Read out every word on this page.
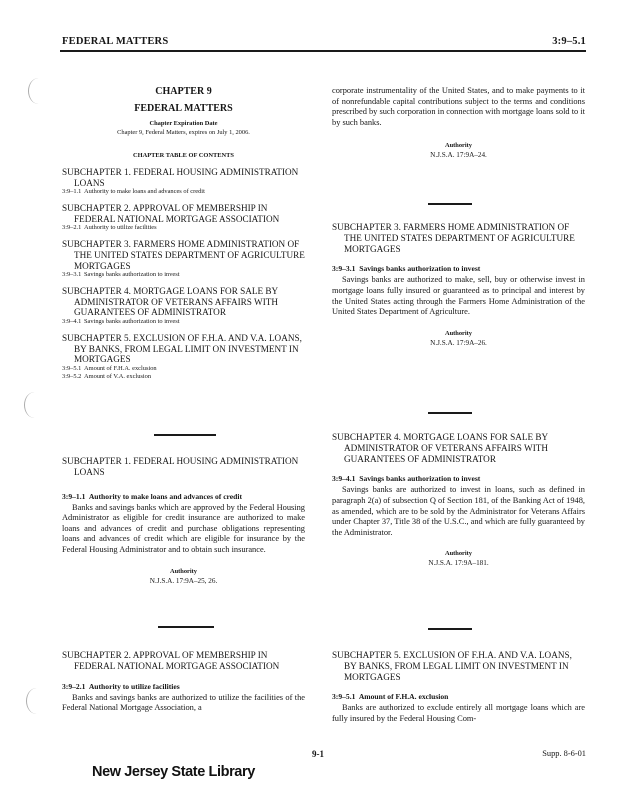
FEDERAL MATTERS	3:9–5.1

CHAPTER 9

FEDERAL MATTERS

Chapter Expiration Date

Chapter 9, Federal Matters, expires on July 1, 2006.

CHAPTER TABLE OF CONTENTS

SUBCHAPTER 1. FEDERAL HOUSING ADMINISTRATION LOANS

3:9–1.1 Authority to make loans and advances of credit

SUBCHAPTER 2. APPROVAL OF MEMBERSHIP IN FEDERAL NATIONAL MORTGAGE ASSOCIATION

3:9–2.1 Authority to utilize facilities

SUBCHAPTER 3. FARMERS HOME ADMINISTRATION OF THE UNITED STATES DEPARTMENT OF AGRICULTURE MORTGAGES

3:9–3.1 Savings banks authorization to invest

SUBCHAPTER 4. MORTGAGE LOANS FOR SALE BY ADMINISTRATOR OF VETERANS AFFAIRS WITH GUARANTEES OF ADMINISTRATOR

3:9–4.1 Savings banks authorization to invest

SUBCHAPTER 5. EXCLUSION OF F.H.A. AND V.A. LOANS, BY BANKS, FROM LEGAL LIMIT ON INVESTMENT IN MORTGAGES

3:9–5.1 Amount of F.H.A. exclusion

3:9–5.2 Amount of V.A. exclusion

SUBCHAPTER 1. FEDERAL HOUSING ADMINISTRATION LOANS

3:9–1.1 Authority to make loans and advances of credit

Banks and savings banks which are approved by the Federal Housing Administrator as eligible for credit insurance are authorized to make loans and advances of credit and purchase obligations representing loans and advances of credit which are eligible for insurance by the Federal Housing Administrator and to obtain such insurance.

Authority

N.J.S.A. 17:9A–25, 26.

SUBCHAPTER 2. APPROVAL OF MEMBERSHIP IN FEDERAL NATIONAL MORTGAGE ASSOCIATION

3:9–2.1 Authority to utilize facilities

Banks and savings banks are authorized to utilize the facilities of the Federal National Mortgage Association, a

corporate instrumentality of the United States, and to make payments to it of nonrefundable capital contributions subject to the terms and conditions prescribed by such corporation in connection with mortgage loans sold to it by such banks.

Authority

N.J.S.A. 17:9A–24.

SUBCHAPTER 3. FARMERS HOME ADMINISTRATION OF THE UNITED STATES DEPARTMENT OF AGRICULTURE MORTGAGES

3:9–3.1 Savings banks authorization to invest

Savings banks are authorized to make, sell, buy or otherwise invest in mortgage loans fully insured or guaranteed as to principal and interest by the United States acting through the Farmers Home Administration of the United States Department of Agriculture.

Authority

N.J.S.A. 17:9A–26.

SUBCHAPTER 4. MORTGAGE LOANS FOR SALE BY ADMINISTRATOR OF VETERANS AFFAIRS WITH GUARANTEES OF ADMINISTRATOR

3:9–4.1 Savings banks authorization to invest

Savings banks are authorized to invest in loans, such as defined in paragraph 2(a) of subsection Q of Section 181, of the Banking Act of 1948, as amended, which are to be sold by the Administrator for Veterans Affairs under Chapter 37, Title 38 of the U.S.C., and which are fully guaranteed by the Administrator.

Authority

N.J.S.A. 17:9A–181.

SUBCHAPTER 5. EXCLUSION OF F.H.A. AND V.A. LOANS, BY BANKS, FROM LEGAL LIMIT ON INVESTMENT IN MORTGAGES

3:9–5.1 Amount of F.H.A. exclusion

Banks are authorized to exclude entirely all mortgage loans which are fully insured by the Federal Housing Com-

9-1	Supp. 8-6-01
New Jersey State Library
